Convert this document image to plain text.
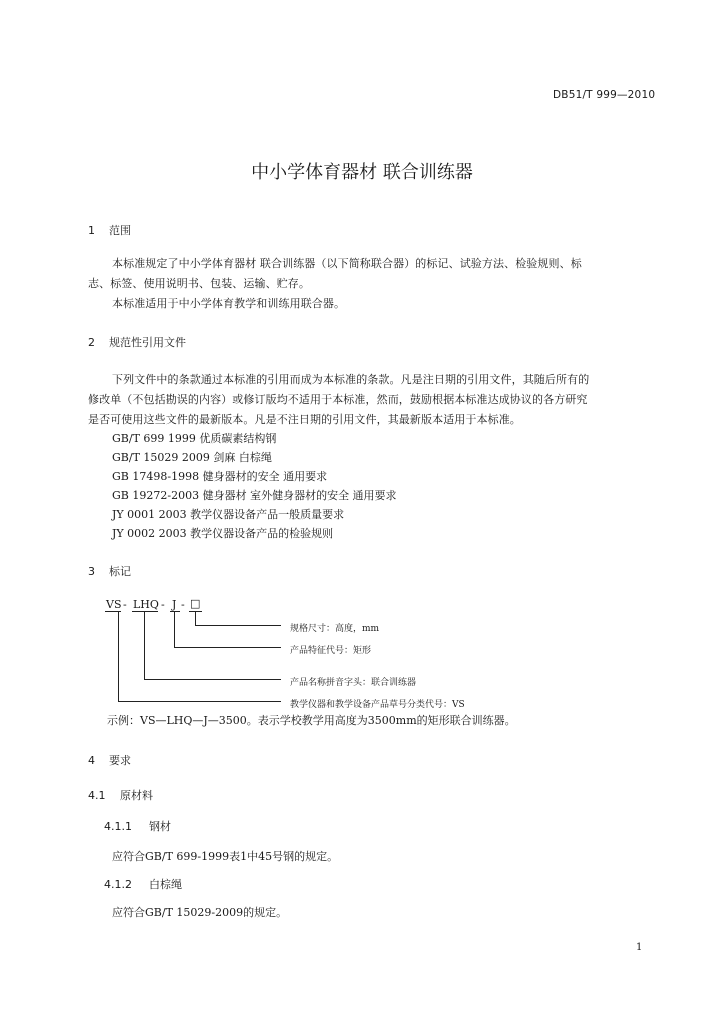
DB51/T 999—2010
中小学体育器材 联合训练器
1 范围
本标准规定了中小学体育器材 联合训练器（以下简称联合器）的标记、试验方法、检验规则、标
志、标签、使用说明书、包装、运输、贮存。
本标准适用于中小学体育教学和训练用联合器。
2 规范性引用文件
下列文件中的条款通过本标准的引用而成为本标准的条款。凡是注日期的引用文件，其随后所有的
修改单（不包括勘误的内容）或修订版均不适用于本标准，然而，鼓励根据本标准达成协议的各方研究
是否可使用这些文件的最新版本。凡是不注日期的引用文件，其最新版本适用于本标准。
GB/T 699 1999 优质碳素结构钢
GB/T 15029 2009 剑麻 白棕绳
GB 17498-1998 健身器材的安全 通用要求
GB 19272-2003 健身器材 室外健身器材的安全 通用要求
JY 0001 2003 教学仪器设备产品一般质量要求
JY 0002 2003 教学仪器设备产品的检验规则
3 标记
VS - LHQ - J - □
规格尺寸：高度，mm
产品特征代号：矩形
产品名称拼音字头：联合训练器
教学仪器和教学设备产品草号分类代号：VS
示例：VS—LHQ—J—3500。表示学校教学用高度为3500mm的矩形联合训练器。
4 要求
4.1 原材料
4.1.1 钢材
应符合GB/T 699-1999表1中45号钢的规定。
4.1.2 白棕绳
应符合GB/T 15029-2009的规定。
1
